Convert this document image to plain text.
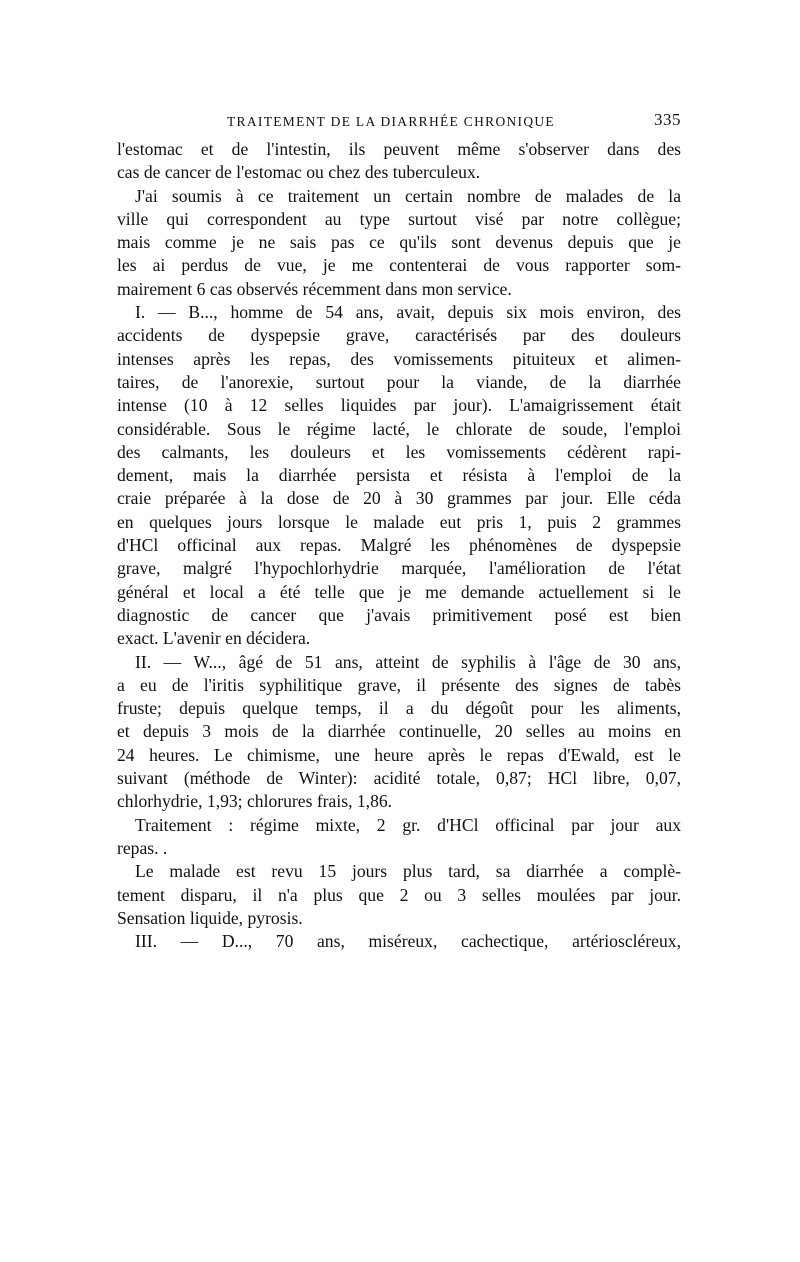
TRAITEMENT DE LA DIARRHÉE CHRONIQUE	335
l'estomac et de l'intestin, ils peuvent même s'observer dans des
cas de cancer de l'estomac ou chez des tuberculeux.
J'ai soumis à ce traitement un certain nombre de malades de la
ville qui correspondent au type surtout visé par notre collègue;
mais comme je ne sais pas ce qu'ils sont devenus depuis que je
les ai perdus de vue, je me contenterai de vous rapporter som-
mairement 6 cas observés récemment dans mon service.
I. — B..., homme de 54 ans, avait, depuis six mois environ, des
accidents de dyspepsie grave, caractérisés par des douleurs
intenses après les repas, des vomissements pituiteux et alimen-
taires, de l'anorexie, surtout pour la viande, de la diarrhée
intense (10 à 12 selles liquides par jour). L'amaigrissement était
considérable. Sous le régime lacté, le chlorate de soude, l'emploi
des calmants, les douleurs et les vomissements cédèrent rapi-
dement, mais la diarrhée persista et résista à l'emploi de la
craie préparée à la dose de 20 à 30 grammes par jour. Elle céda
en quelques jours lorsque le malade eut pris 1, puis 2 grammes
d'HCl officinal aux repas. Malgré les phénomènes de dyspepsie
grave, malgré l'hypochlorhydrie marquée, l'amélioration de l'état
général et local a été telle que je me demande actuellement si le
diagnostic de cancer que j'avais primitivement posé est bien
exact. L'avenir en décidera.
II. — W..., âgé de 51 ans, atteint de syphilis à l'âge de 30 ans,
a eu de l'iritis syphilitique grave, il présente des signes de tabès
fruste; depuis quelque temps, il a du dégoût pour les aliments,
et depuis 3 mois de la diarrhée continuelle, 20 selles au moins en
24 heures. Le chimisme, une heure après le repas d'Ewald, est le
suivant (méthode de Winter): acidité totale, 0,87; HCl libre, 0,07,
chlorhydrie, 1,93; chlorures frais, 1,86.
Traitement : régime mixte, 2 gr. d'HCl officinal par jour aux
repas. .
Le malade est revu 15 jours plus tard, sa diarrhée a complè-
tement disparu, il n'a plus que 2 ou 3 selles moulées par jour.
Sensation liquide, pyrosis.
III. — D..., 70 ans, miséreux, cachectique, artérioscléreux,
